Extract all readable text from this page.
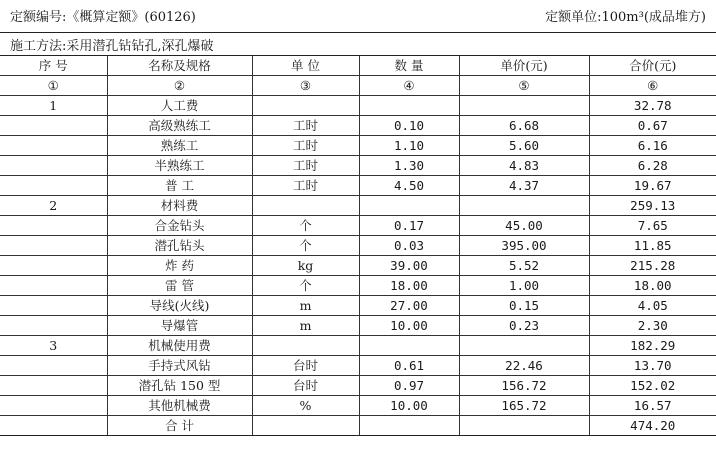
定额编号:《概算定额》(60126)	定额单位:100m³(成品堆方)
施工方法:采用潜孔钻钻孔,深孔爆破
序 号	名称及规格	单 位	数 量	单价(元)	合价(元)
①	②	③	④	⑤	⑥
1	人工费				32.78
	高级熟练工	工时	0.10	6.68	0.67
	熟练工	工时	1.10	5.60	6.16
	半熟练工	工时	1.30	4.83	6.28
	普 工	工时	4.50	4.37	19.67
2	材料费				259.13
	合金钻头	个	0.17	45.00	7.65
	潜孔钻头	个	0.03	395.00	11.85
	炸 药	kg	39.00	5.52	215.28
	雷 管	个	18.00	1.00	18.00
	导线(火线)	m	27.00	0.15	4.05
	导爆管	m	10.00	0.23	2.30
3	机械使用费				182.29
	手持式风钻	台时	0.61	22.46	13.70
	潜孔钻 150 型	台时	0.97	156.72	152.02
	其他机械费	%	10.00	165.72	16.57
	合 计				474.20
